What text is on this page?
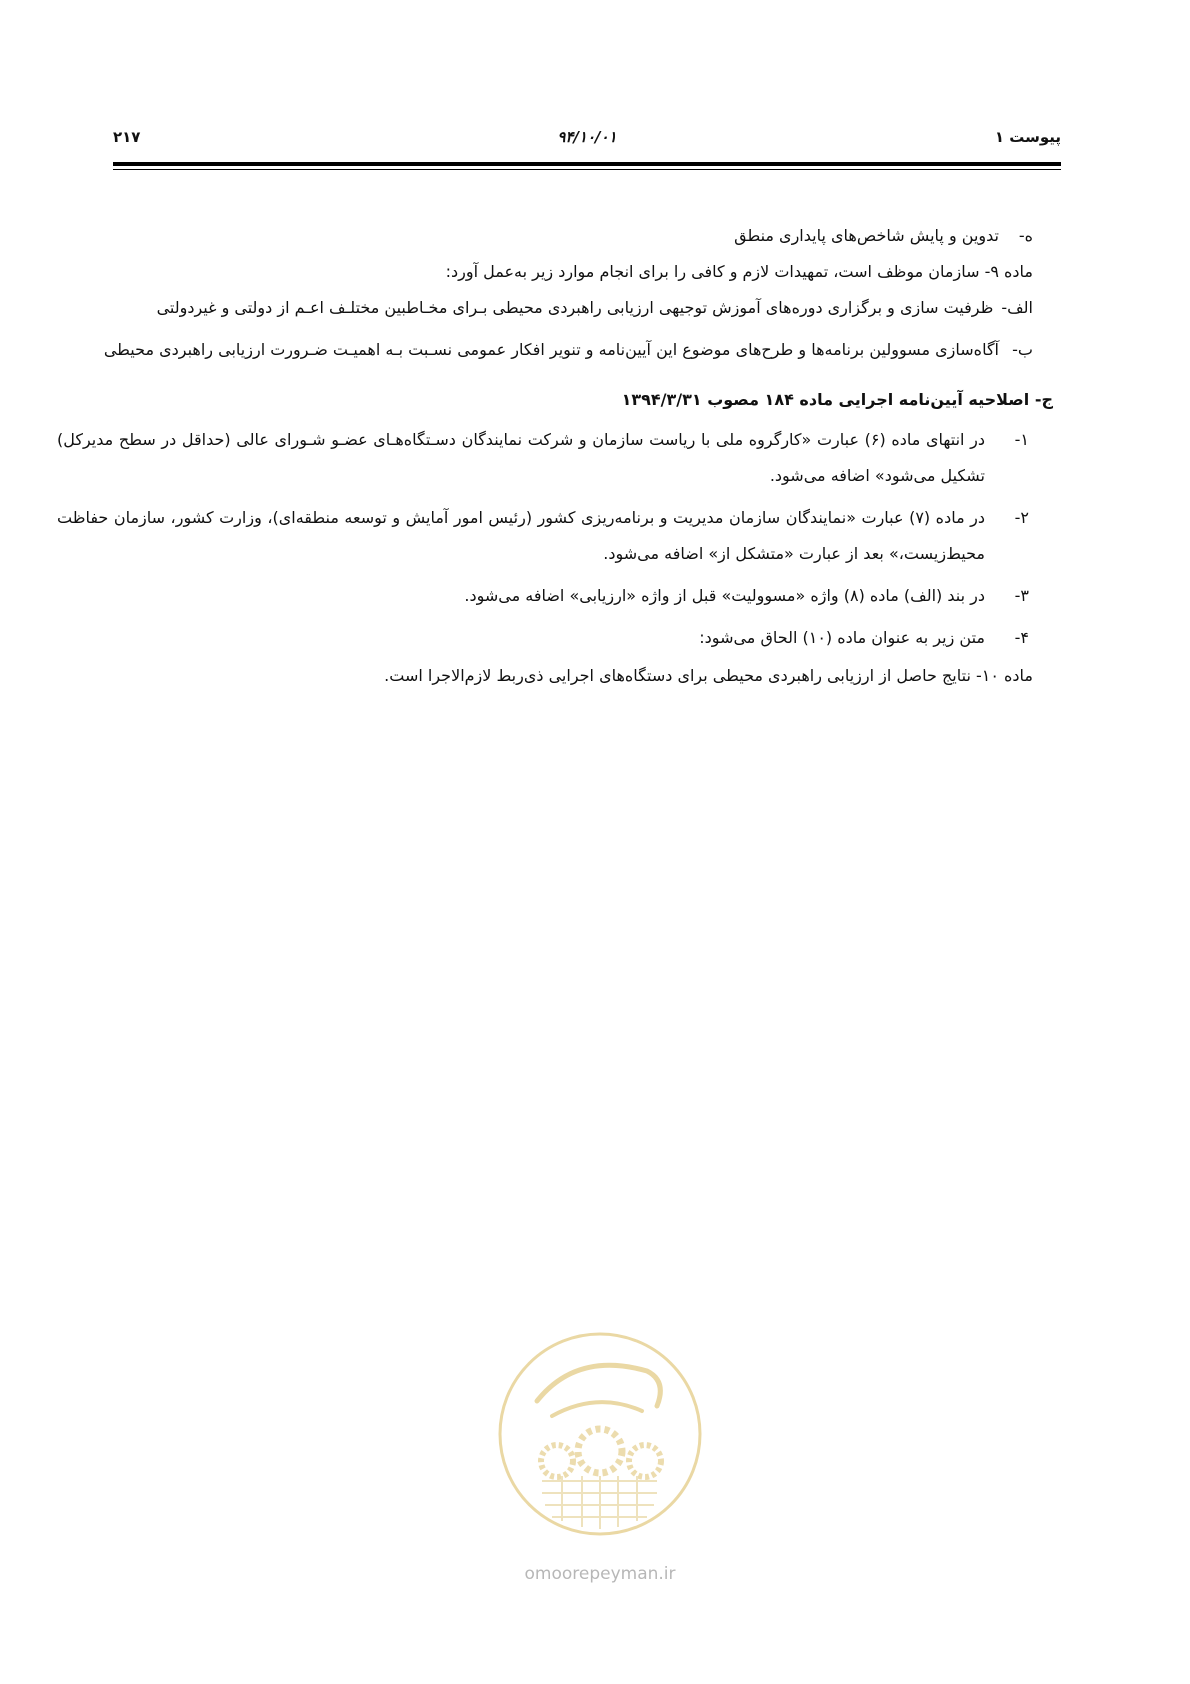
پیوست ۱
۹۴/۱۰/۰۱
۲۱۷
ه-
تدوین و پایش شاخص‌های پایداری منطق

ماده ۹- سازمان موظف است، تمهیدات لازم و کافی را برای انجام موارد زیر به‌عمل آورد:

الف-
ظرفیت سازی و برگزاری دوره‌های آموزش توجیهی ارزیابی راهبردی محیطی بـرای مخـاطبین مختلـف اعـم از دولتی و غیردولتی
ب-
آگاه‌سازی مسوولین برنامه‌ها و طرح‌های موضوع این آیین‌نامه و تنویر افکار عمومی نسـبت بـه اهمیـت ضـرورت ارزیابی راهبردی محیطی
ج- اصلاحیه آیین‌نامه اجرایی ماده ۱۸۴ مصوب ۱۳۹۴/۳/۳۱
۱-
در انتهای ماده (۶) عبارت «کارگروه ملی با ریاست سازمان و شرکت نمایندگان دسـتگاه‌هـای عضـو شـورای عالی (حداقل در سطح مدیرکل) تشکیل می‌شود» اضافه می‌شود.
۲-
در ماده (۷) عبارت «نمایندگان سازمان مدیریت و برنامه‌ریزی کشور (رئیس امور آمایش و توسعه منطقه‌ای)، وزارت کشور، سازمان حفاظت محیط‌زیست،» بعد از عبارت «متشکل از» اضافه می‌شود.
۳-
در بند (الف) ماده (۸) واژه «مسوولیت» قبل از واژه «ارزیابی» اضافه می‌شود.
۴-
متن زیر به عنوان ماده (۱۰) الحاق می‌شود:

ماده ۱۰- نتایج حاصل از ارزیابی راهبردی محیطی برای دستگاه‌های اجرایی ذی‌ربط لازم‌الاجرا است.

omoorepeyman.ir
